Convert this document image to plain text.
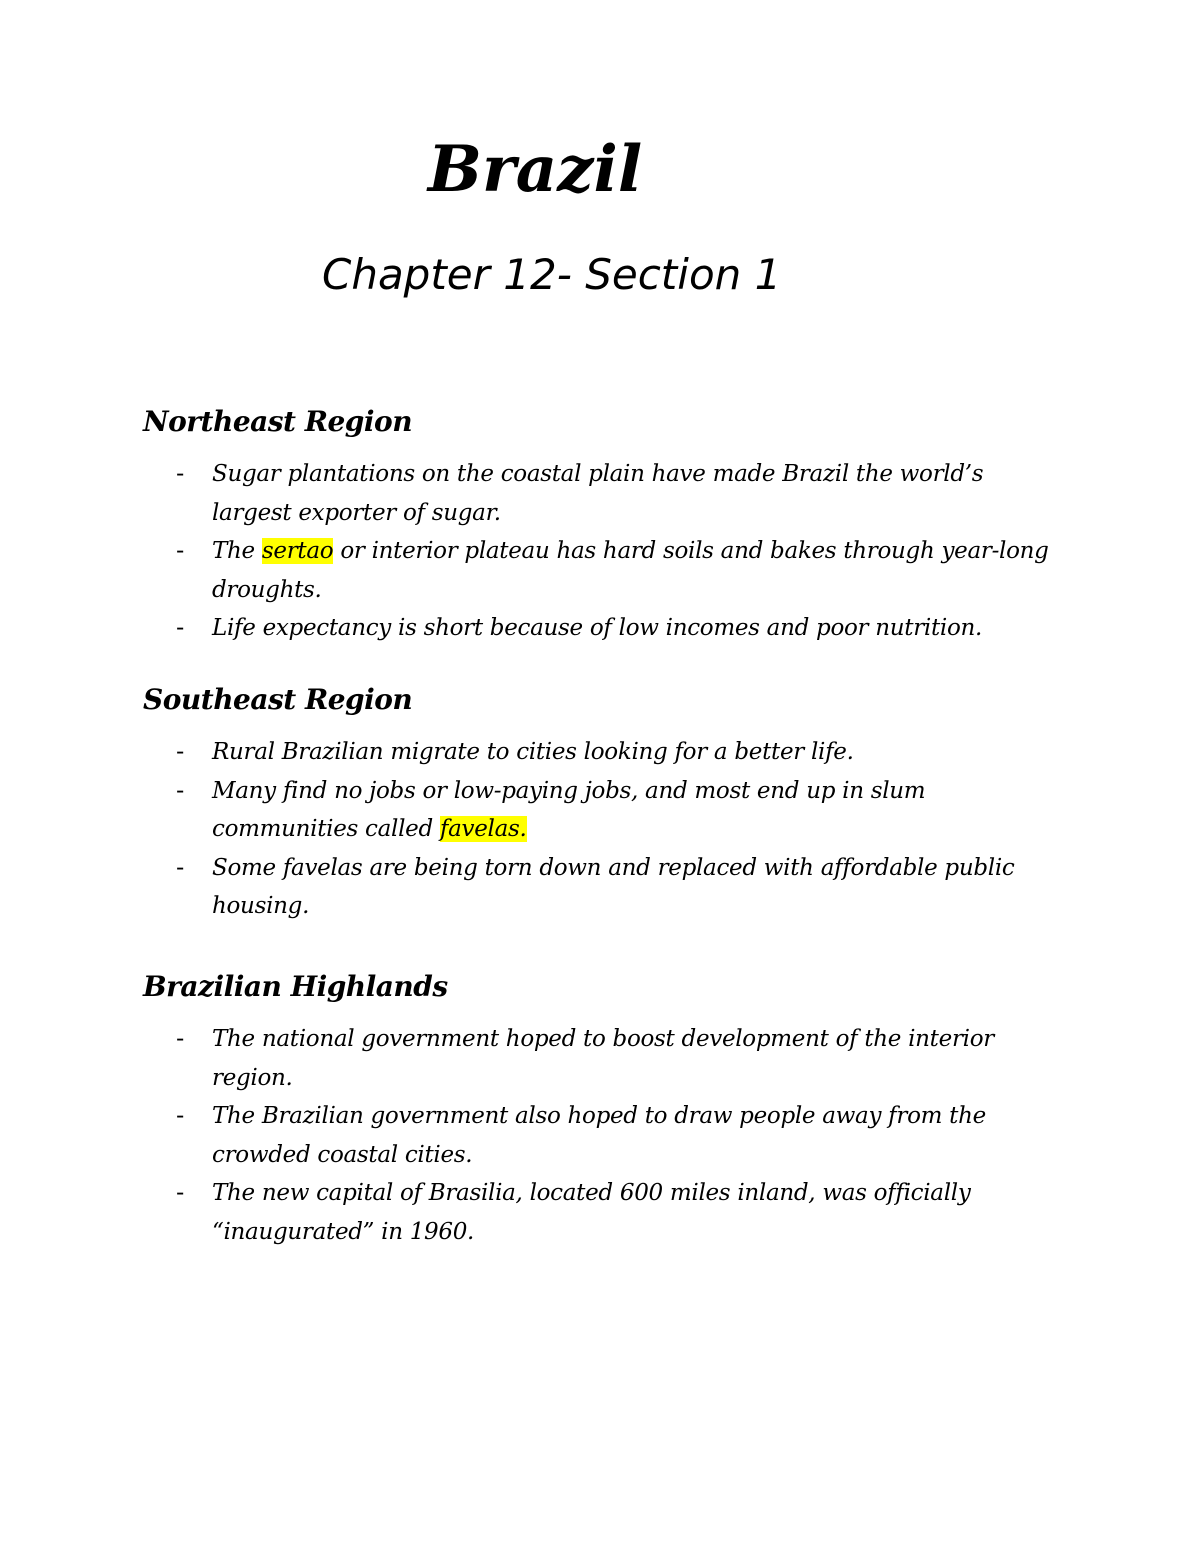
Brazil
Chapter 12- Section 1
Northeast Region
- Sugar plantations on the coastal plain have made Brazil the world’s largest exporter of sugar.
- The sertao or interior plateau has hard soils and bakes through year-long droughts.
- Life expectancy is short because of low incomes and poor nutrition.
Southeast Region
- Rural Brazilian migrate to cities looking for a better life.
- Many find no jobs or low-paying jobs, and most end up in slum communities called favelas.
- Some favelas are being torn down and replaced with affordable public housing.
Brazilian Highlands
- The national government hoped to boost development of the interior region.
- The Brazilian government also hoped to draw people away from the crowded coastal cities.
- The new capital of Brasilia, located 600 miles inland, was officially “inaugurated” in 1960.
